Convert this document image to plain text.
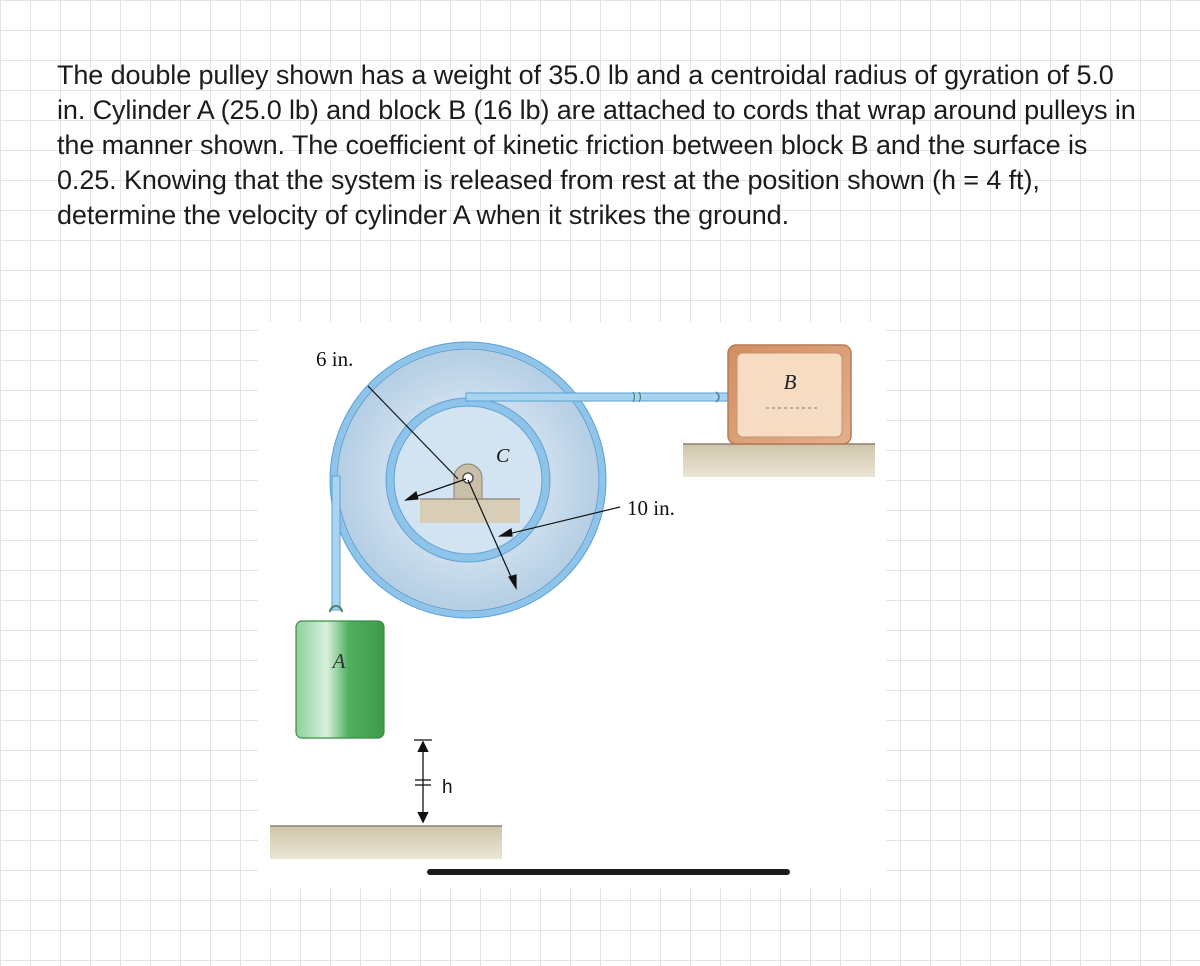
The double pulley shown has a weight of 35.0 lb and a centroidal radius of gyration of 5.0 in. Cylinder A (25.0 lb) and block B (16 lb) are attached to cords that wrap around pulleys in the manner shown. The coefficient of kinetic friction between block B and the surface is 0.25. Knowing that the system is released from rest at the position shown (h = 4 ft), determine the velocity of cylinder A when it strikes the ground.

B
A
h
6 in.
10 in.
C
